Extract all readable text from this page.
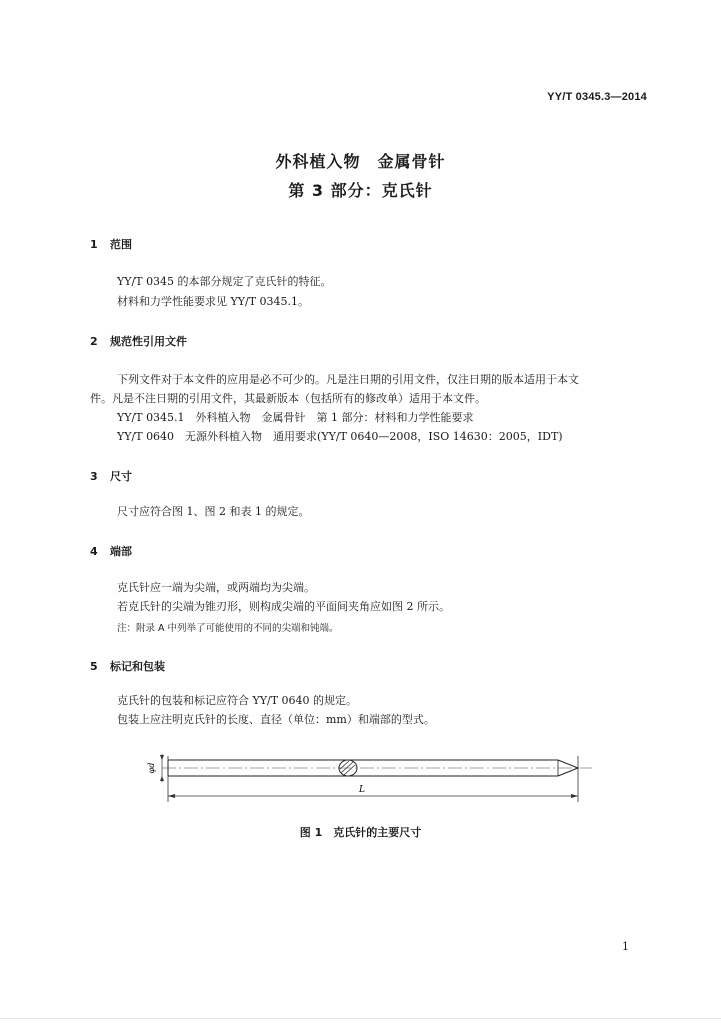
YY/T 0345.3—2014
外科植入物　金属骨针
第 3 部分：克氏针
1 范围
YY/T 0345 的本部分规定了克氏针的特征。
材料和力学性能要求见 YY/T 0345.1。
2 规范性引用文件
下列文件对于本文件的应用是必不可少的。凡是注日期的引用文件，仅注日期的版本适用于本文
件。凡是不注日期的引用文件，其最新版本（包括所有的修改单）适用于本文件。
YY/T 0345.1　外科植入物　金属骨针　第 1 部分：材料和力学性能要求
YY/T 0640　无源外科植入物　通用要求(YY/T 0640—2008，ISO 14630：2005，IDT)
3 尺寸
尺寸应符合图 1、图 2 和表 1 的规定。
4 端部
克氏针应一端为尖端，或两端均为尖端。
若克氏针的尖端为锥刃形，则构成尖端的平面间夹角应如图 2 所示。
注：附录 A 中列举了可能使用的不同的尖端和钝端。
5 标记和包装
克氏针的包装和标记应符合 YY/T 0640 的规定。
包装上应注明克氏针的长度、直径（单位：mm）和端部的型式。
φd
L
图 1　克氏针的主要尺寸
1
